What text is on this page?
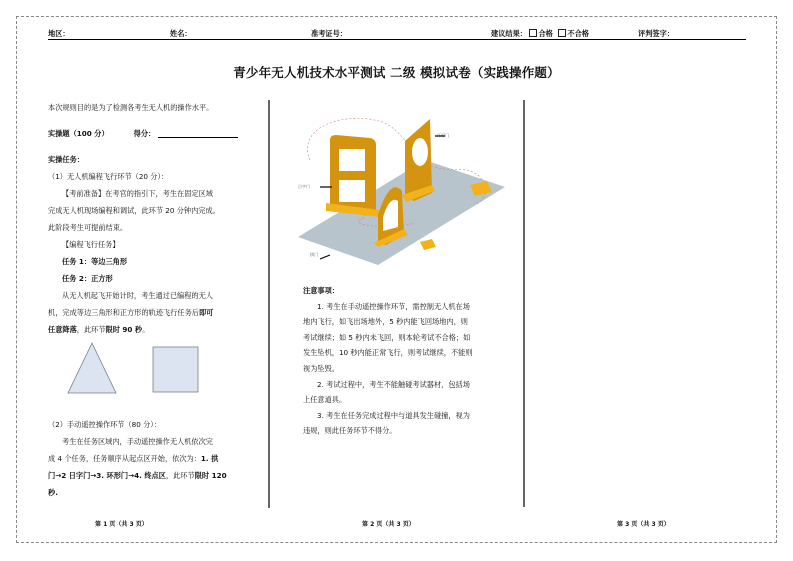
地区：	姓名：	准考证号：	建议结果： 合格 不合格	评判签字：
青少年无人机技术水平测试 二级 模拟试卷（实践操作题）

本次规则目的是为了检测各考生无人机的操作水平。

实操题（100 分）	得分：

实操任务：

（1）无人机编程飞行环节（20 分）：

【考前准备】在考官的指引下，考生在固定区域

完成无人机现场编程和调试，此环节 20 分钟内完成。

此阶段考生可提前结束。

【编程飞行任务】

任务 1：等边三角形

任务 2：正方形

从无人机起飞开始计时，考生通过已编程的无人

机，完成等边三角形和正方形的轨迹飞行任务后即可

任意降落，此环节限时 90 秒。

（2）手动遥控操作环节（80 分）：

考生在任务区域内，手动遥控操作无人机依次完

成 4 个任务，任务顺序从起点区开始，依次为：1. 拱

门→2 日字门→3. 环形门→4. 终点区，此环节限时 120

秒.

第 1 页（共 3 页）
日字门
环形门
拱门

注意事项：

1. 考生在手动遥控操作环节，需控制无人机在场

地内飞行，如飞出场地外，5 秒内能飞回场地内，则

考试继续；如 5 秒内未飞回，则本轮考试不合格；如

发生坠机，10 秒内能正常飞行，则考试继续，不能则

视为坠毁。

2. 考试过程中，考生不能触碰考试器材，包括场

上任意道具。

3. 考生在任务完成过程中与道具发生碰撞，视为

违规，则此任务环节不得分。

第 2 页（共 3 页）	第 3 页（共 3 页）
